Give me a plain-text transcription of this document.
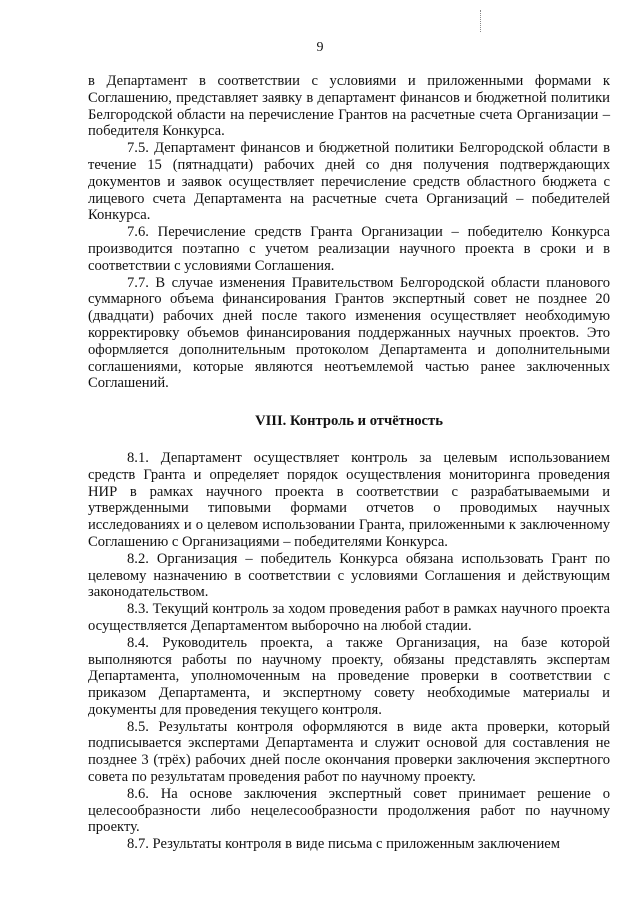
9

в Департамент в соответствии с условиями и приложенными формами к Соглашению, представляет заявку в департамент финансов и бюджетной политики Белгородской области на перечисление Грантов на расчетные счета Организации – победителя Конкурса.

7.5. Департамент финансов и бюджетной политики Белгородской области в течение 15 (пятнадцати) рабочих дней со дня получения подтверждающих документов и заявок осуществляет перечисление средств областного бюджета с лицевого счета Департамента на расчетные счета Организаций – победителей Конкурса.

7.6. Перечисление средств Гранта Организации – победителю Конкурса производится поэтапно с учетом реализации научного проекта в сроки и в соответствии с условиями Соглашения.

7.7. В случае изменения Правительством Белгородской области планового суммарного объема финансирования Грантов экспертный совет не позднее 20 (двадцати) рабочих дней после такого изменения осуществляет необходимую корректировку объемов финансирования поддержанных научных проектов. Это оформляется дополнительным протоколом Департамента и дополнительными соглашениями, которые являются неотъемлемой частью ранее заключенных Соглашений.

VIII. Контроль и отчётность

8.1. Департамент осуществляет контроль за целевым использованием средств Гранта и определяет порядок осуществления мониторинга проведения НИР в рамках научного проекта в соответствии с разрабатываемыми и утвержденными типовыми формами отчетов о проводимых научных исследованиях и о целевом использовании Гранта, приложенными к заключенному Соглашению с Организациями – победителями Конкурса.

8.2. Организация – победитель Конкурса обязана использовать Грант по целевому назначению в соответствии с условиями Соглашения и действующим законодательством.

8.3. Текущий контроль за ходом проведения работ в рамках научного проекта осуществляется Департаментом выборочно на любой стадии.

8.4. Руководитель проекта, а также Организация, на базе которой выполняются работы по научному проекту, обязаны представлять экспертам Департамента, уполномоченным на проведение проверки в соответствии с приказом Департамента, и экспертному совету необходимые материалы и документы для проведения текущего контроля.

8.5. Результаты контроля оформляются в виде акта проверки, который подписывается экспертами Департамента и служит основой для составления не позднее 3 (трёх) рабочих дней после окончания проверки заключения экспертного совета по результатам проведения работ по научному проекту.

8.6. На основе заключения экспертный совет принимает решение о целесообразности либо нецелесообразности продолжения работ по научному проекту.

8.7. Результаты контроля в виде письма с приложенным заключением
